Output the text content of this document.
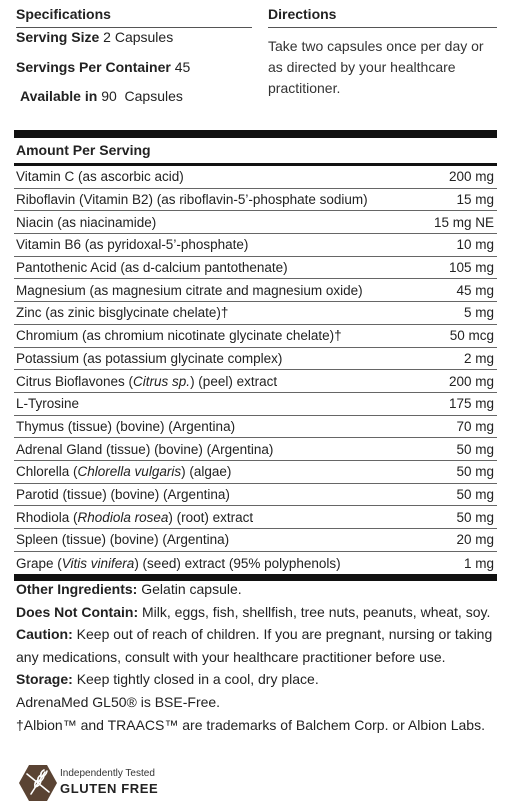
Specifications
Serving Size 2 Capsules
Servings Per Container 45
Available in 90  Capsules
Directions
Take two capsules once per day or as directed by your healthcare practitioner.
Amount Per Serving
Vitamin C (as ascorbic acid)	200 mg
Riboflavin (Vitamin B2) (as riboflavin-5’-phosphate sodium)	15 mg
Niacin (as niacinamide)	15 mg NE
Vitamin B6 (as pyridoxal-5’-phosphate)	10 mg
Pantothenic Acid (as d-calcium pantothenate)	105 mg
Magnesium (as magnesium citrate and magnesium oxide)	45 mg
Zinc (as zinic bisglycinate chelate)†	5 mg
Chromium (as chromium nicotinate glycinate chelate)†	50 mcg
Potassium (as potassium glycinate complex)	2 mg
Citrus Bioflavones (Citrus sp.) (peel) extract	200 mg
L-Tyrosine	175 mg
Thymus (tissue) (bovine) (Argentina)	70 mg
Adrenal Gland (tissue) (bovine) (Argentina)	50 mg
Chlorella (Chlorella vulgaris) (algae)	50 mg
Parotid (tissue) (bovine) (Argentina)	50 mg
Rhodiola (Rhodiola rosea) (root) extract	50 mg
Spleen (tissue) (bovine) (Argentina)	20 mg
Grape (Vitis vinifera) (seed) extract (95% polyphenols)	1 mg
Other Ingredients: Gelatin capsule.
Does Not Contain: Milk, eggs, fish, shellfish, tree nuts, peanuts, wheat, soy.
Caution: Keep out of reach of children. If you are pregnant, nursing or taking any medications, consult with your healthcare practitioner before use.
Storage: Keep tightly closed in a cool, dry place.
AdrenaMed GL50® is BSE-Free.
†Albion™ and TRAACS™ are trademarks of Balchem Corp. or Albion Labs.
Independently Tested
GLUTEN FREE
